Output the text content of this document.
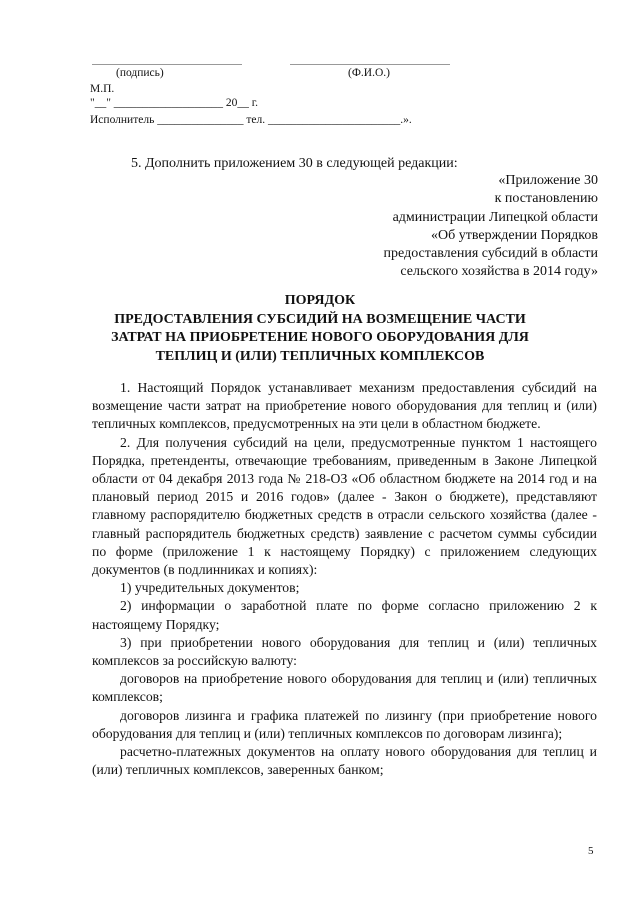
(подпись)	(Ф.И.О.)
М.П.
"__" ___________________ 20__ г.
Исполнитель _______________ тел. _______________________.».
5. Дополнить приложением 30 в следующей редакции:
«Приложение 30
к постановлению
администрации Липецкой области
«Об утверждении Порядков
предоставления субсидий в области
сельского хозяйства в 2014 году»
ПОРЯДОК
ПРЕДОСТАВЛЕНИЯ СУБСИДИЙ НА ВОЗМЕЩЕНИЕ ЧАСТИ
ЗАТРАТ НА ПРИОБРЕТЕНИЕ НОВОГО ОБОРУДОВАНИЯ ДЛЯ
ТЕПЛИЦ И (ИЛИ) ТЕПЛИЧНЫХ КОМПЛЕКСОВ

1. Настоящий Порядок устанавливает механизм предоставления субсидий на возмещение части затрат на приобретение нового оборудования для теплиц и (или) тепличных комплексов, предусмотренных на эти цели в областном бюджете.

2. Для получения субсидий на цели, предусмотренные пунктом 1 настоящего Порядка, претенденты, отвечающие требованиям, приведенным в Законе Липецкой области от 04 декабря 2013 года № 218-ОЗ «Об областном бюджете на 2014 год и на плановый период 2015 и 2016 годов» (далее - Закон о бюджете), представляют главному распорядителю бюджетных средств в отрасли сельского хозяйства (далее - главный распорядитель бюджетных средств) заявление с расчетом суммы субсидии по форме (приложение 1 к настоящему Порядку) с приложением следующих документов (в подлинниках и копиях):

1) учредительных документов;

2) информации о заработной плате по форме согласно приложению 2 к настоящему Порядку;

3) при приобретении нового оборудования для теплиц и (или) тепличных комплексов за российскую валюту:

договоров на приобретение нового оборудования для теплиц и (или) тепличных комплексов;

договоров лизинга и графика платежей по лизингу (при приобретение нового оборудования для теплиц и (или) тепличных комплексов по договорам лизинга);

расчетно-платежных документов на оплату нового оборудования для теплиц и (или) тепличных комплексов, заверенных банком;

5
